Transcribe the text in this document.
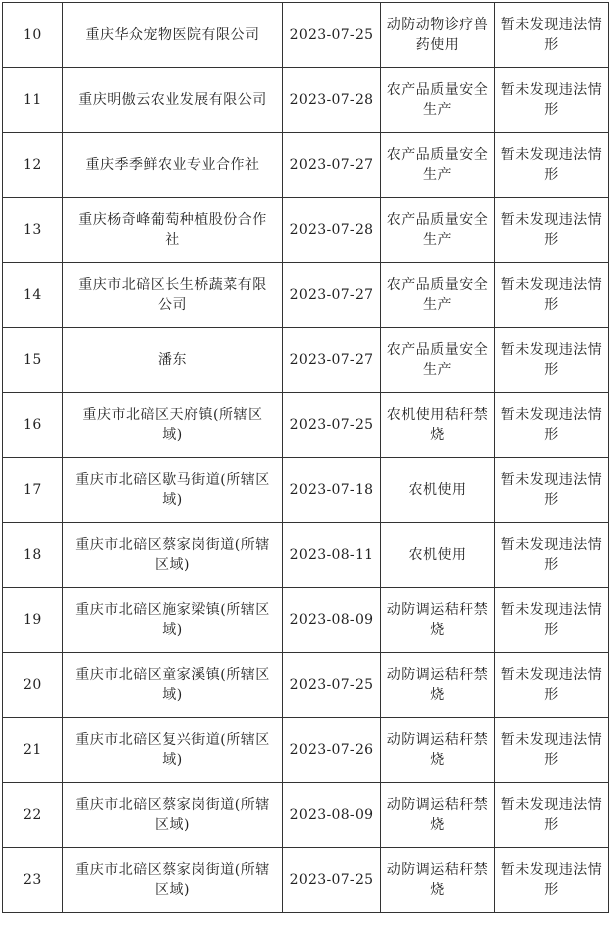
10	重庆华众宠物医院有限公司	2023-07-25	动防动物诊疗兽药使用	暂未发现违法情形
11	重庆明傲云农业发展有限公司	2023-07-28	农产品质量安全生产	暂未发现违法情形
12	重庆季季鲜农业专业合作社	2023-07-27	农产品质量安全生产	暂未发现违法情形
13	重庆杨奇峰葡萄种植股份合作社	2023-07-28	农产品质量安全生产	暂未发现违法情形
14	重庆市北碚区长生桥蔬菜有限公司	2023-07-27	农产品质量安全生产	暂未发现违法情形
15	潘东	2023-07-27	农产品质量安全生产	暂未发现违法情形
16	重庆市北碚区天府镇(所辖区域)	2023-07-25	农机使用秸秆禁烧	暂未发现违法情形
17	重庆市北碚区歇马街道(所辖区域)	2023-07-18	农机使用	暂未发现违法情形
18	重庆市北碚区蔡家岗街道(所辖区域)	2023-08-11	农机使用	暂未发现违法情形
19	重庆市北碚区施家梁镇(所辖区域)	2023-08-09	动防调运秸秆禁烧	暂未发现违法情形
20	重庆市北碚区童家溪镇(所辖区域)	2023-07-25	动防调运秸秆禁烧	暂未发现违法情形
21	重庆市北碚区复兴街道(所辖区域)	2023-07-26	动防调运秸秆禁烧	暂未发现违法情形
22	重庆市北碚区蔡家岗街道(所辖区域)	2023-08-09	动防调运秸秆禁烧	暂未发现违法情形
23	重庆市北碚区蔡家岗街道(所辖区域)	2023-07-25	动防调运秸秆禁烧	暂未发现违法情形
